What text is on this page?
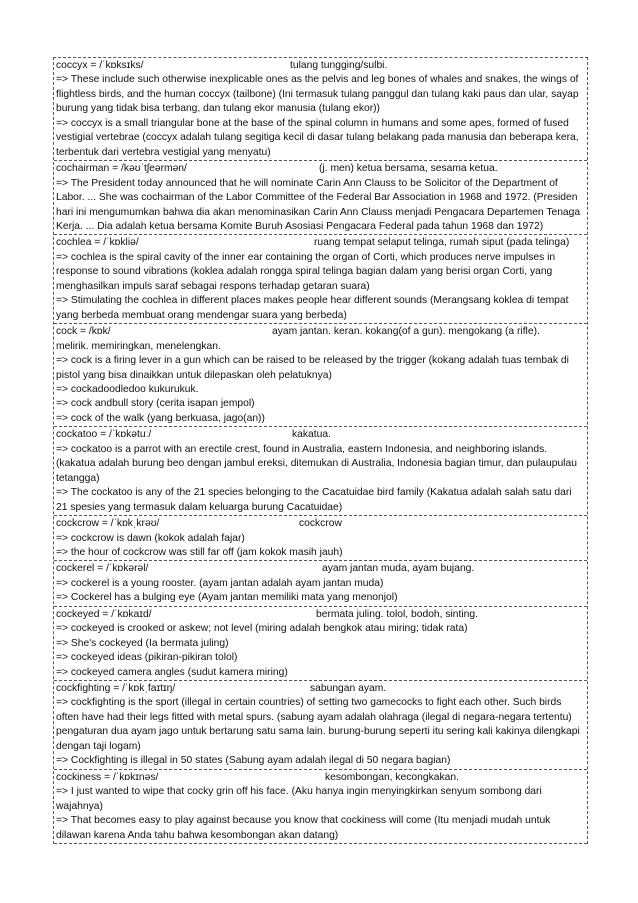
coccyx = /ˈkɒksɪks/	tulang tungging/sulbi.
=> These include such otherwise inexplicable ones as the pelvis and leg bones of whales and snakes, the wings of flightless birds, and the human coccyx (tailbone) (Ini termasuk tulang panggul dan tulang kaki paus dan ular, sayap burung yang tidak bisa terbang, dan tulang ekor manusia (tulang ekor))
=> coccyx is a small triangular bone at the base of the spinal column in humans and some apes, formed of fused vestigial vertebrae (coccyx adalah tulang segitiga kecil di dasar tulang belakang pada manusia dan beberapa kera, terbentuk dari vertebra vestigial yang menyatu)
cochairman = /kəʊˈtʃeərmən/	(j. men) ketua bersama, sesama ketua.
=> The President today announced that he will nominate Carin Ann Clauss to be Solicitor of the Department of Labor. ... She was cochairman of the Labor Committee of the Federal Bar Association in 1968 and 1972. (Presiden hari ini mengumumkan bahwa dia akan menominasikan Carin Ann Clauss menjadi Pengacara Departemen Tenaga Kerja. ... Dia adalah ketua bersama Komite Buruh Asosiasi Pengacara Federal pada tahun 1968 dan 1972)
cochlea = /ˈkɒkliə/	ruang tempat selaput telinga, rumah siput (pada telinga)
=> cochlea is the spiral cavity of the inner ear containing the organ of Corti, which produces nerve impulses in response to sound vibrations (koklea adalah rongga spiral telinga bagian dalam yang berisi organ Corti, yang menghasilkan impuls saraf sebagai respons terhadap getaran suara)
=> Stimulating the cochlea in different places makes people hear different sounds (Merangsang koklea di tempat yang berbeda membuat orang mendengar suara yang berbeda)
cock = /kɒk/	ayam jantan. keran. kokang(of a gun). mengokang (a rifle).
melirik. memiringkan, menelengkan.
=> cock is a firing lever in a gun which can be raised to be released by the trigger (kokang adalah tuas tembak di pistol yang bisa dinaikkan untuk dilepaskan oleh pelatuknya)
=> cockadoodledoo kukurukuk.
=> cock andbull story (cerita isapan jempol)
=> cock of the walk (yang berkuasa, jago(an))
cockatoo = /ˈkɒkətuː/	kakatua.
=> cockatoo is a parrot with an erectile crest, found in Australia, eastern Indonesia, and neighboring islands. (kakatua adalah burung beo dengan jambul ereksi, ditemukan di Australia, Indonesia bagian timur, dan pulaupulau tetangga)
=> The cockatoo is any of the 21 species belonging to the Cacatuidae bird family (Kakatua adalah salah satu dari 21 spesies yang termasuk dalam keluarga burung Cacatuidae)
cockcrow = /ˈkɒkˌkrəʊ/	cockcrow
=> cockcrow is dawn (kokok adalah fajar)
=> the hour of cockcrow was still far off (jam kokok masih jauh)
cockerel = /ˈkɒkərəl/	ayam jantan muda, ayam bujang.
=> cockerel is a young rooster. (ayam jantan adalah ayam jantan muda)
=> Cockerel has a bulging eye (Ayam jantan memiliki mata yang menonjol)
cockeyed = /ˈkɒkaɪd/	bermata juling. tolol, bodoh, sinting.
=> cockeyed is crooked or askew; not level (miring adalah bengkok atau miring; tidak rata)
=> She's cockeyed (Ia bermata juling)
=> cockeyed ideas (pikiran-pikiran tolol)
=> cockeyed camera angles (sudut kamera miring)
cockfighting = /ˈkɒkˌfaɪtɪŋ/	sabungan ayam.
=> cockfighting is the sport (illegal in certain countries) of setting two gamecocks to fight each other. Such birds often have had their legs fitted with metal spurs. (sabung ayam adalah olahraga (ilegal di negara-negara tertentu) pengaturan dua ayam jago untuk bertarung satu sama lain. burung-burung seperti itu sering kali kakinya dilengkapi dengan taji logam)
=> Cockfighting is illegal in 50 states (Sabung ayam adalah ilegal di 50 negara bagian)
cockiness = /ˈkɒkɪnəs/	kesombongan, kecongkakan.
=> I just wanted to wipe that cocky grin off his face. (Aku hanya ingin menyingkirkan senyum sombong dari wajahnya)
=> That becomes easy to play against because you know that cockiness will come (Itu menjadi mudah untuk dilawan karena Anda tahu bahwa kesombongan akan datang)
